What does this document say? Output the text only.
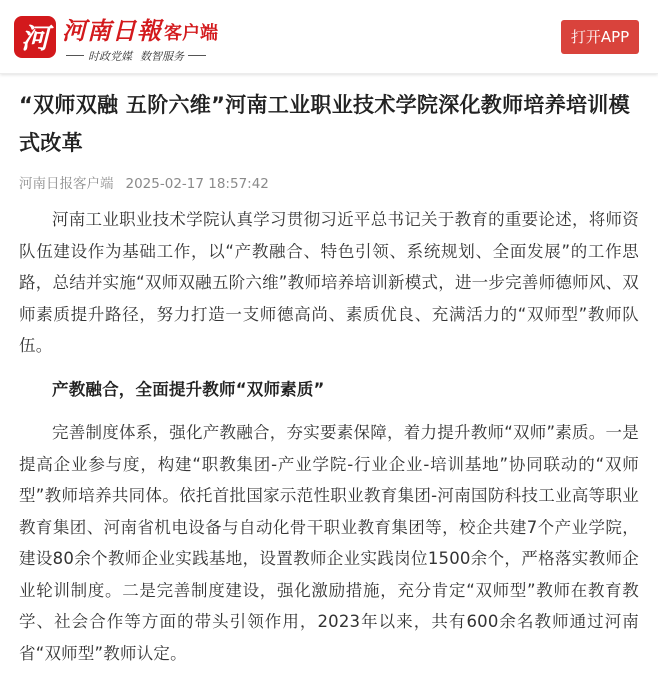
河 河南日報 客户端
时政党媒 数智服务
打开APP
“双师双融 五阶六维”河南工业职业技术学院深化教师培养培训模式改革
河南日报客户端 2025-02-17 18:57:42

河南工业职业技术学院认真学习贯彻习近平总书记关于教育的重要论述，将师资队伍建设作为基础工作，以“产教融合、特色引领、系统规划、全面发展”的工作思路，总结并实施“双师双融五阶六维”教师培养培训新模式，进一步完善师德师风、双师素质提升路径，努力打造一支师德高尚、素质优良、充满活力的“双师型”教师队伍。

产教融合，全面提升教师“双师素质”

完善制度体系，强化产教融合，夯实要素保障，着力提升教师“双师”素质。一是提高企业参与度，构建“职教集团-产业学院-行业企业-培训基地”协同联动的“双师型”教师培养共同体。依托首批国家示范性职业教育集团-河南国防科技工业高等职业教育集团、河南省机电设备与自动化骨干职业教育集团等，校企共建7个产业学院，建设80余个教师企业实践基地，设置教师企业实践岗位1500余个，严格落实教师企业轮训制度。二是完善制度建设，强化激励措施，充分肯定“双师型”教师在教育教学、社会合作等方面的带头引领作用，2023年以来，共有600余名教师通过河南省“双师型”教师认定。
